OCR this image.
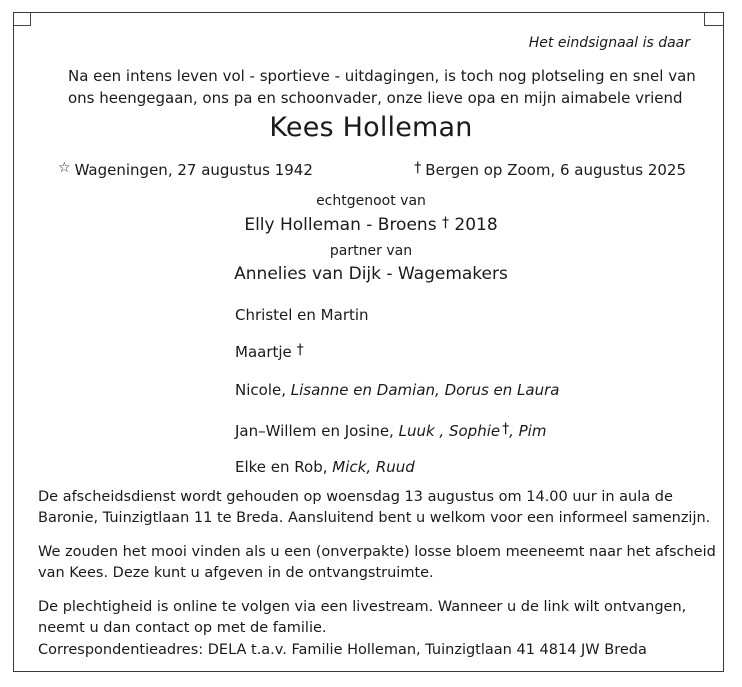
Het eindsignaal is daar
Na een intens leven vol - sportieve - uitdagingen, is toch nog plotseling en snel van
ons heengegaan, ons pa en schoonvader, onze lieve opa en mijn aimabele vriend
Kees Holleman
☆ Wageningen, 27 augustus 1942	† Bergen op Zoom, 6 augustus 2025
echtgenoot van
Elly Holleman - Broens † 2018
partner van
Annelies van Dijk - Wagemakers
Christel en Martin
Maartje †
Nicole, Lisanne en Damian, Dorus en Laura
Jan–Willem en Josine, Luuk , Sophie †, Pim
Elke en Rob, Mick, Ruud
De afscheidsdienst wordt gehouden op woensdag 13 augustus om 14.00 uur in aula de
Baronie, Tuinzigtlaan 11 te Breda. Aansluitend bent u welkom voor een informeel samenzijn.
We zouden het mooi vinden als u een (onverpakte) losse bloem meeneemt naar het afscheid
van Kees. Deze kunt u afgeven in de ontvangstruimte.
De plechtigheid is online te volgen via een livestream. Wanneer u de link wilt ontvangen,
neemt u dan contact op met de familie.
Correspondentieadres: DELA t.a.v. Familie Holleman, Tuinzigtlaan 41 4814 JW Breda
